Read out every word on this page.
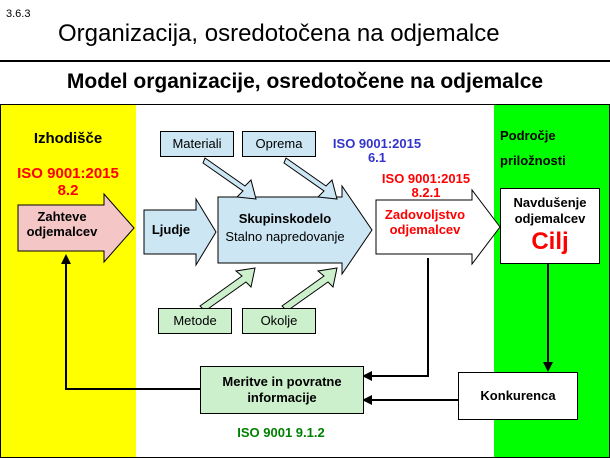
3.6.3
Organizacija, osredotočena na odjemalce
Model organizacije, osredotočene na odjemalce
Izhodišče
ISO 9001:2015
8.2
Zahteve
odjemalcev
Materiali	Oprema
Metode	Okolje
Ljudje
Skupinskodelo
Stalno napredovanje
Zadovoljstvo
odjemalcev
ISO 9001:2015
6.1
ISO 9001:2015
8.2.1
Meritve in povratne
informacije
ISO 9001 9.1.2
Področje
priložnosti
Navdušenje
odjemalcev
Cilj
Konkurenca
